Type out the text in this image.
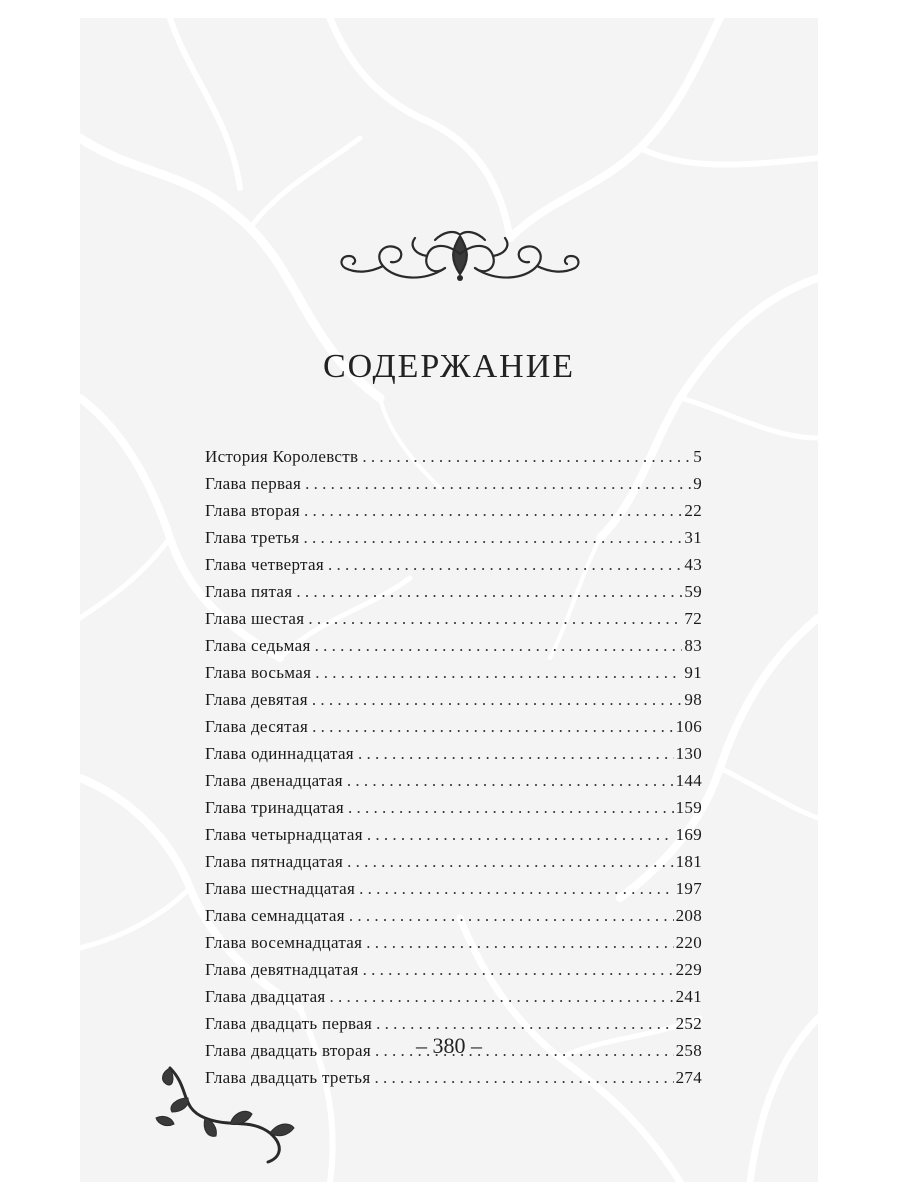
СОДЕРЖАНИЕ
История Королевств . . .	5
Глава первая . . .	9
Глава вторая . . .	22
Глава третья . . .	31
Глава четвертая . . .	43
Глава пятая . . .	59
Глава шестая . . .	72
Глава седьмая . . .	83
Глава восьмая . . .	91
Глава девятая . . .	98
Глава десятая . . .	106
Глава одиннадцатая . . .	130
Глава двенадцатая . . .	144
Глава тринадцатая . . .	159
Глава четырнадцатая . . .	169
Глава пятнадцатая . . .	181
Глава шестнадцатая . . .	197
Глава семнадцатая . . .	208
Глава восемнадцатая . . .	220
Глава девятнадцатая . . .	229
Глава двадцатая . . .	241
Глава двадцать первая . . .	252
Глава двадцать вторая . . .	258
Глава двадцать третья . . .	274
– 380 –
